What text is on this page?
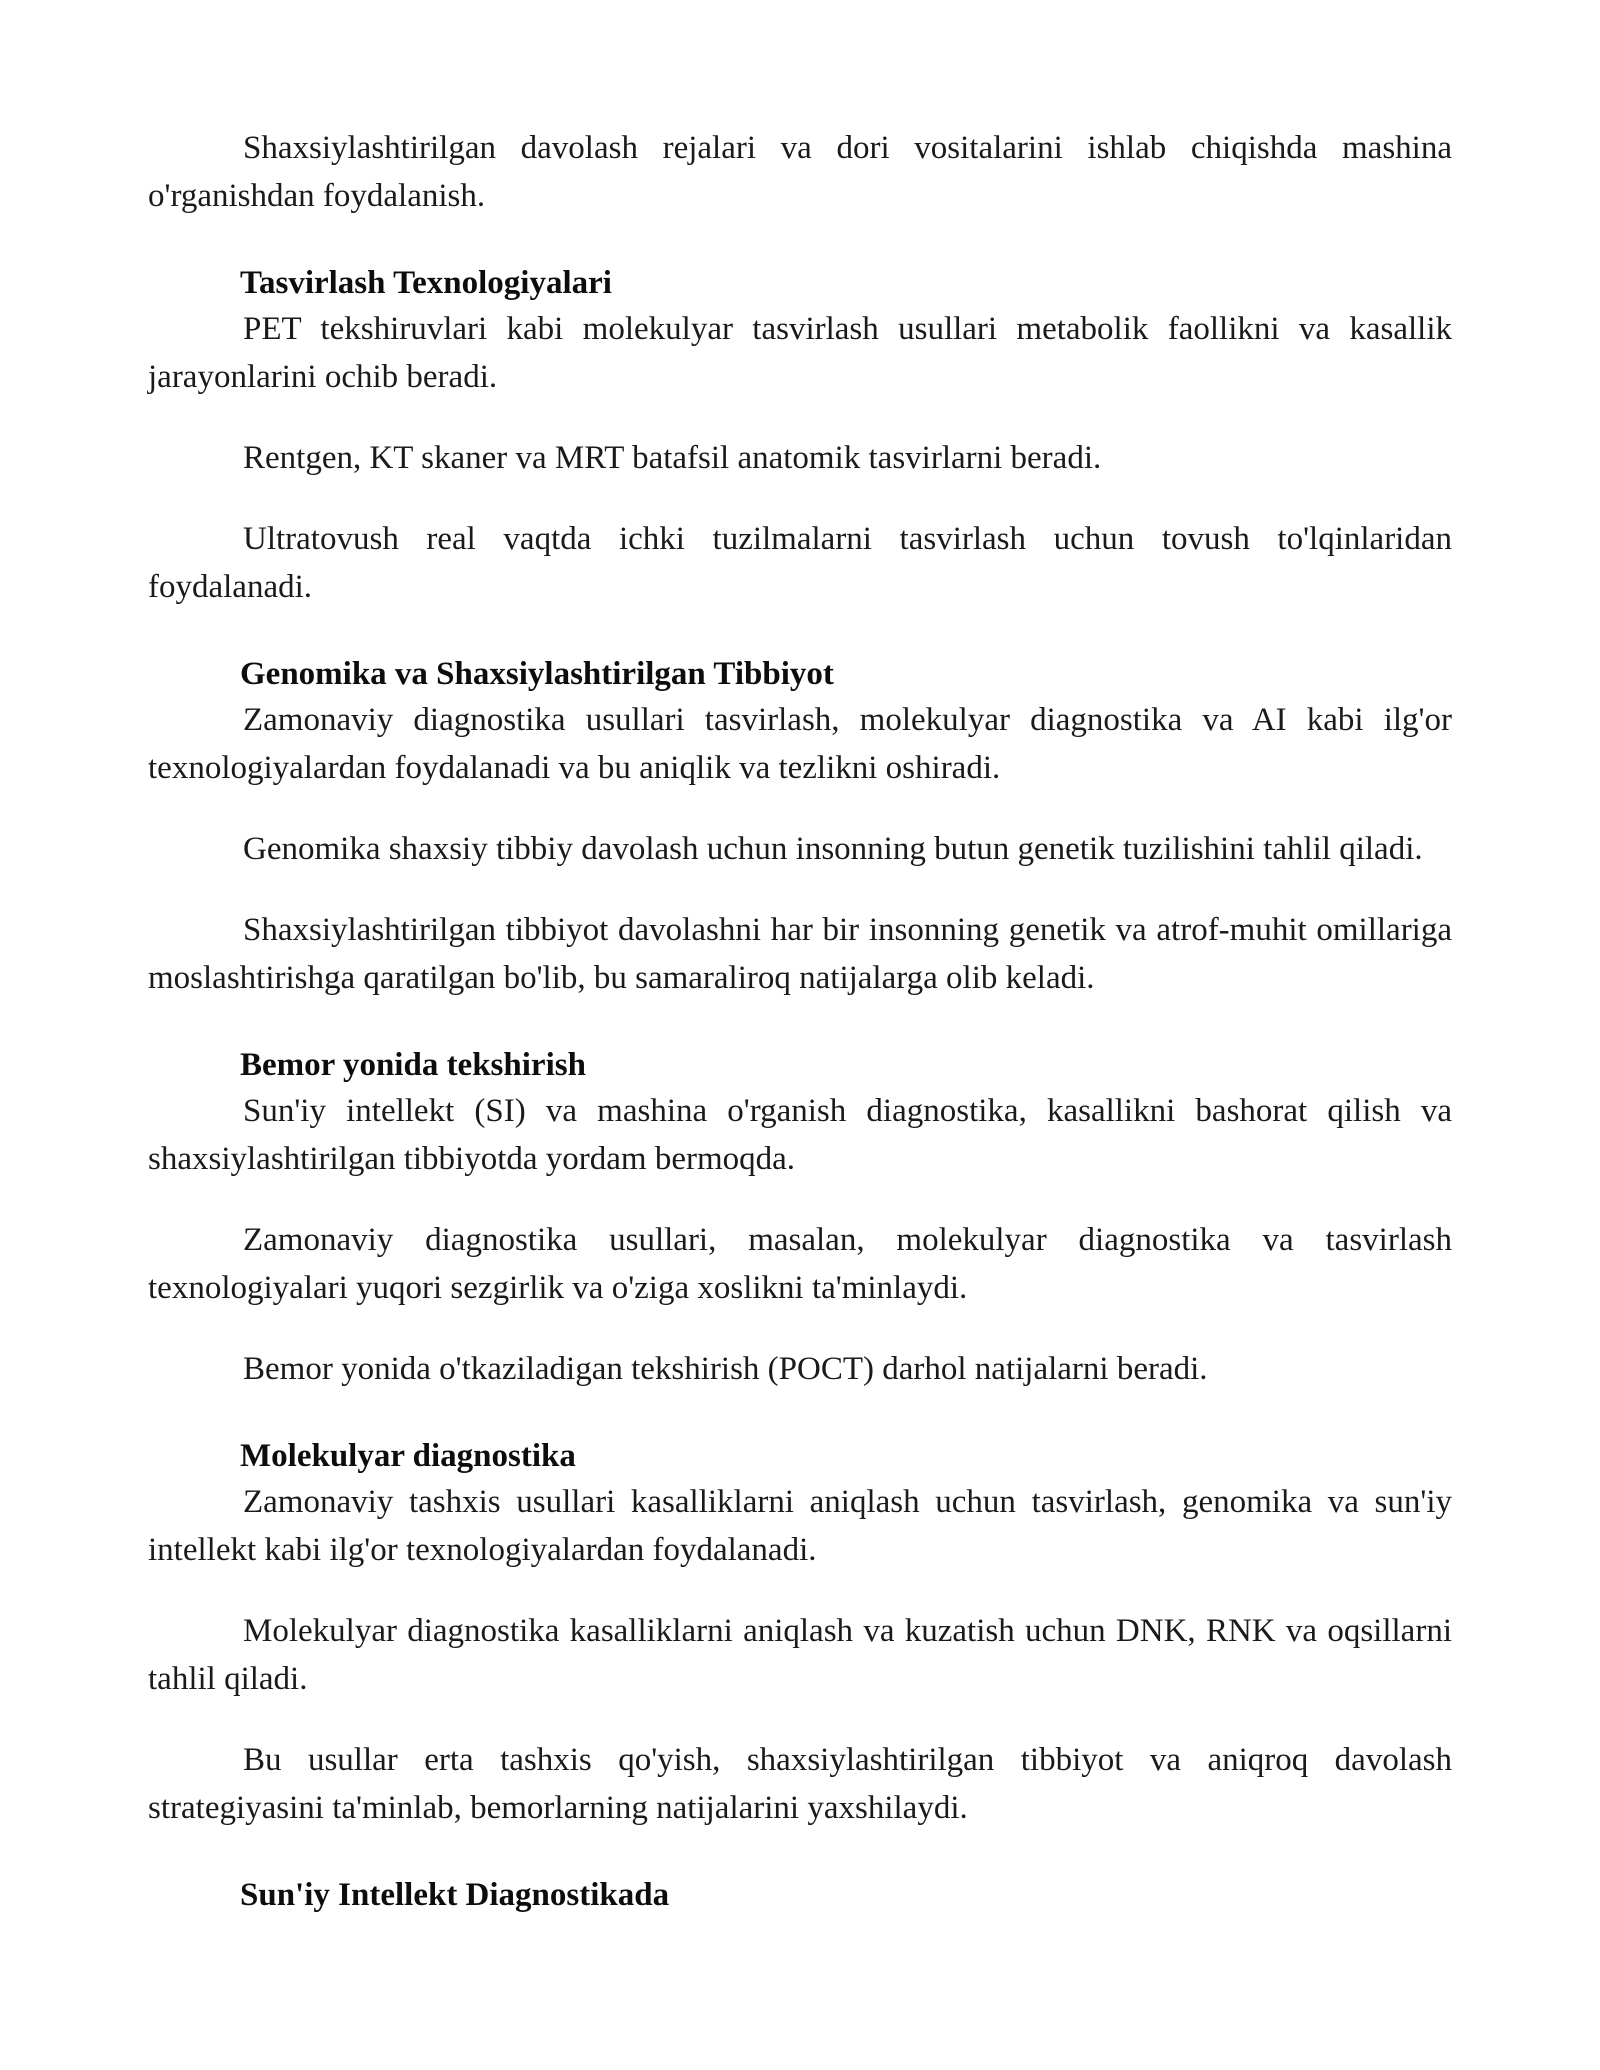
Shaxsiylashtirilgan davolash rejalari va dori vositalarini ishlab chiqishda mashina o'rganishdan foydalanish.

Tasvirlash Texnologiyalari

PET tekshiruvlari kabi molekulyar tasvirlash usullari metabolik faollikni va kasallik jarayonlarini ochib beradi.

Rentgen, KT skaner va MRT batafsil anatomik tasvirlarni beradi.

Ultratovush real vaqtda ichki tuzilmalarni tasvirlash uchun tovush to'lqinlaridan foydalanadi.

Genomika va Shaxsiylashtirilgan Tibbiyot

Zamonaviy diagnostika usullari tasvirlash, molekulyar diagnostika va AI kabi ilg'or texnologiyalardan foydalanadi va bu aniqlik va tezlikni oshiradi.

Genomika shaxsiy tibbiy davolash uchun insonning butun genetik tuzilishini tahlil qiladi.

Shaxsiylashtirilgan tibbiyot davolashni har bir insonning genetik va atrof-muhit omillariga moslashtirishga qaratilgan bo'lib, bu samaraliroq natijalarga olib keladi.

Bemor yonida tekshirish

Sun'iy intellekt (SI) va mashina o'rganish diagnostika, kasallikni bashorat qilish va shaxsiylashtirilgan tibbiyotda yordam bermoqda.

Zamonaviy diagnostika usullari, masalan, molekulyar diagnostika va tasvirlash texnologiyalari yuqori sezgirlik va o'ziga xoslikni ta'minlaydi.

Bemor yonida o'tkaziladigan tekshirish (POCT) darhol natijalarni beradi.

Molekulyar diagnostika

Zamonaviy tashxis usullari kasalliklarni aniqlash uchun tasvirlash, genomika va sun'iy intellekt kabi ilg'or texnologiyalardan foydalanadi.

Molekulyar diagnostika kasalliklarni aniqlash va kuzatish uchun DNK, RNK va oqsillarni tahlil qiladi.

Bu usullar erta tashxis qo'yish, shaxsiylashtirilgan tibbiyot va aniqroq davolash strategiyasini ta'minlab, bemorlarning natijalarini yaxshilaydi.

Sun'iy Intellekt Diagnostikada
